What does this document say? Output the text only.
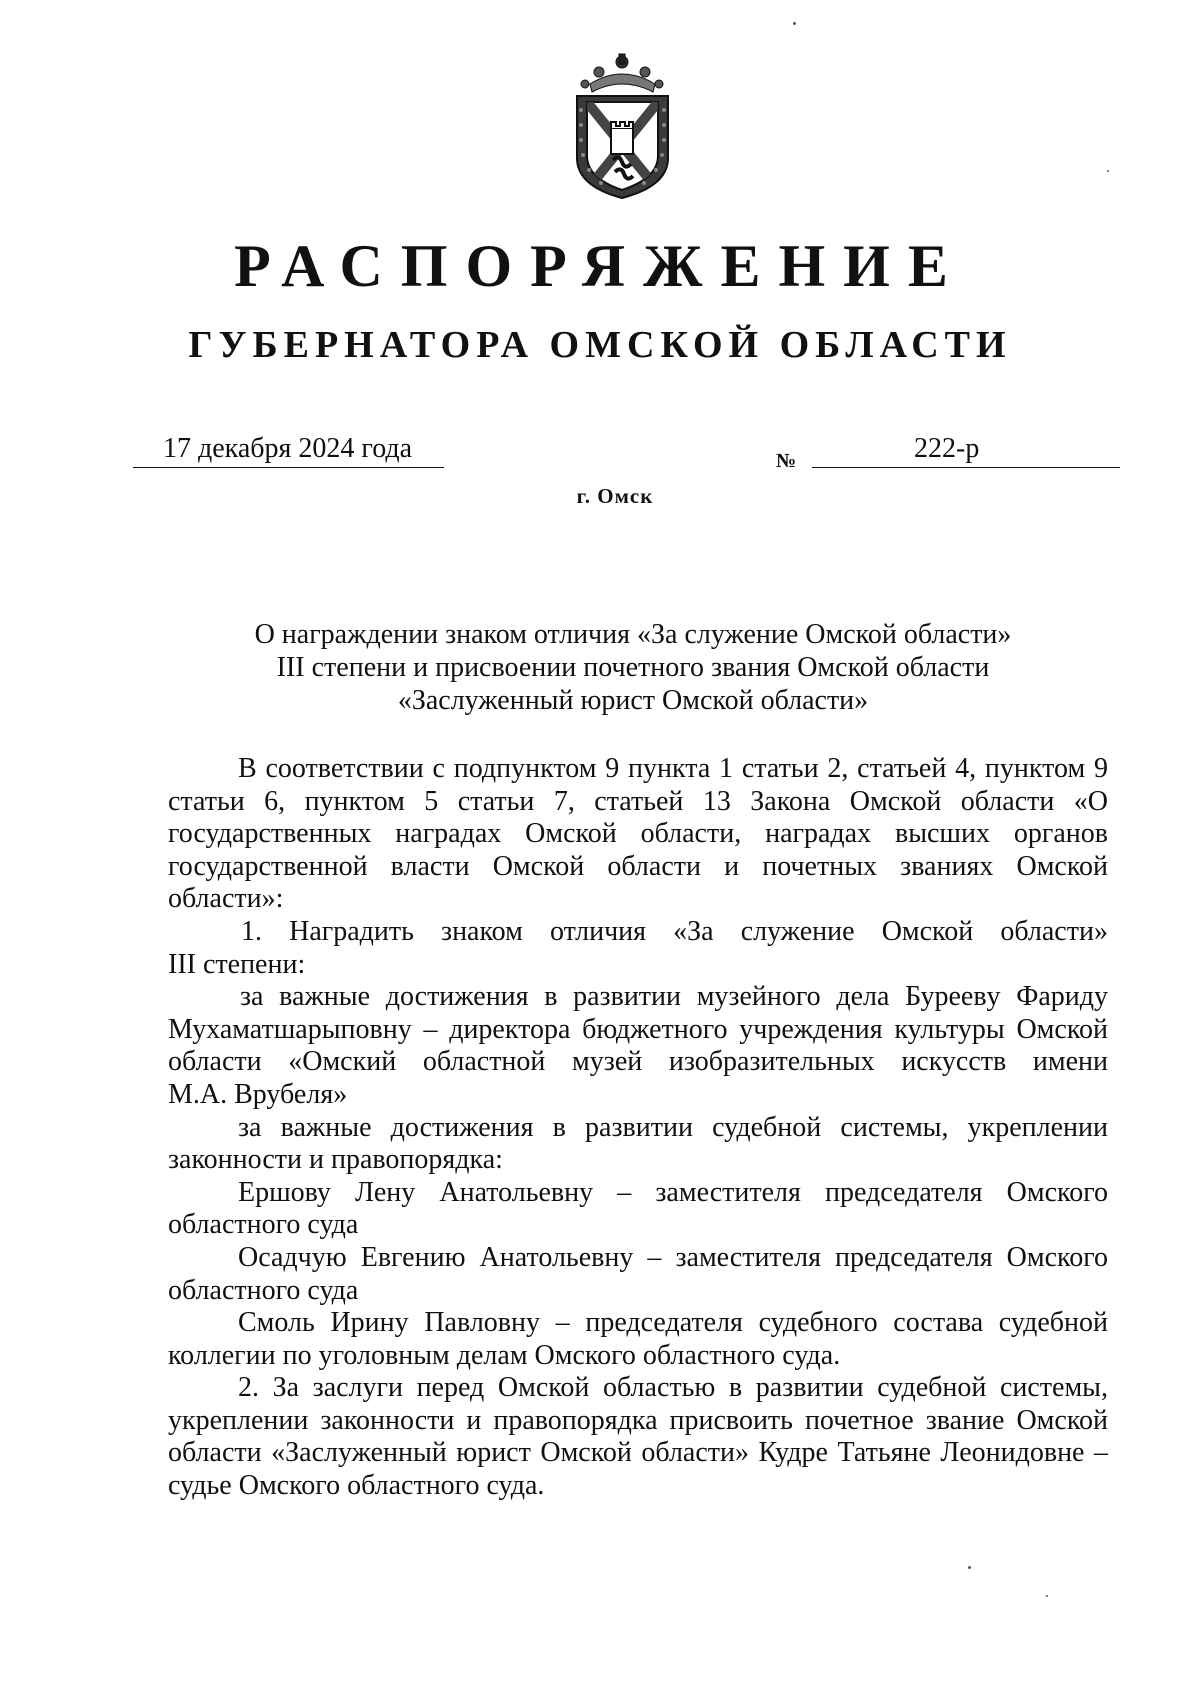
РАСПОРЯЖЕНИЕ
ГУБЕРНАТОРА ОМСКОЙ ОБЛАСТИ
17 декабря 2024 года	№	222-р
г. Омск
О награждении знаком отличия «За служение Омской области»
III степени и присвоении почетного звания Омской области
«Заслуженный юрист Омской области»

В соответствии с подпунктом 9 пункта 1 статьи 2, статьей 4, пунктом 9 статьи 6, пунктом 5 статьи 7, статьей 13 Закона Омской области «О государственных наградах Омской области, наградах высших органов государственной власти Омской области и почетных званиях Омской области»:

1. Наградить знаком отличия «За служение Омской области»

III степени:

за важные достижения в развитии музейного дела Буреевy Фариду Мухаматшарыповну – директора бюджетного учреждения культуры Омской области «Омский областной музей изобразительных искусств имени

М.А. Врубеля»

за важные достижения в развитии судебной системы, укреплении законности и правопорядка:

Ершову Лену Анатольевну – заместителя председателя Омского областного суда

Осадчую Евгению Анатольевну – заместителя председателя Омского областного суда

Смоль Ирину Павловну – председателя судебного состава судебной коллегии по уголовным делам Омского областного суда.

2. За заслуги перед Омской областью в развитии судебной системы, укреплении законности и правопорядка присвоить почетное звание Омской области «Заслуженный юрист Омской области» Кудре Татьяне Леонидовне – судье Омского областного суда.
